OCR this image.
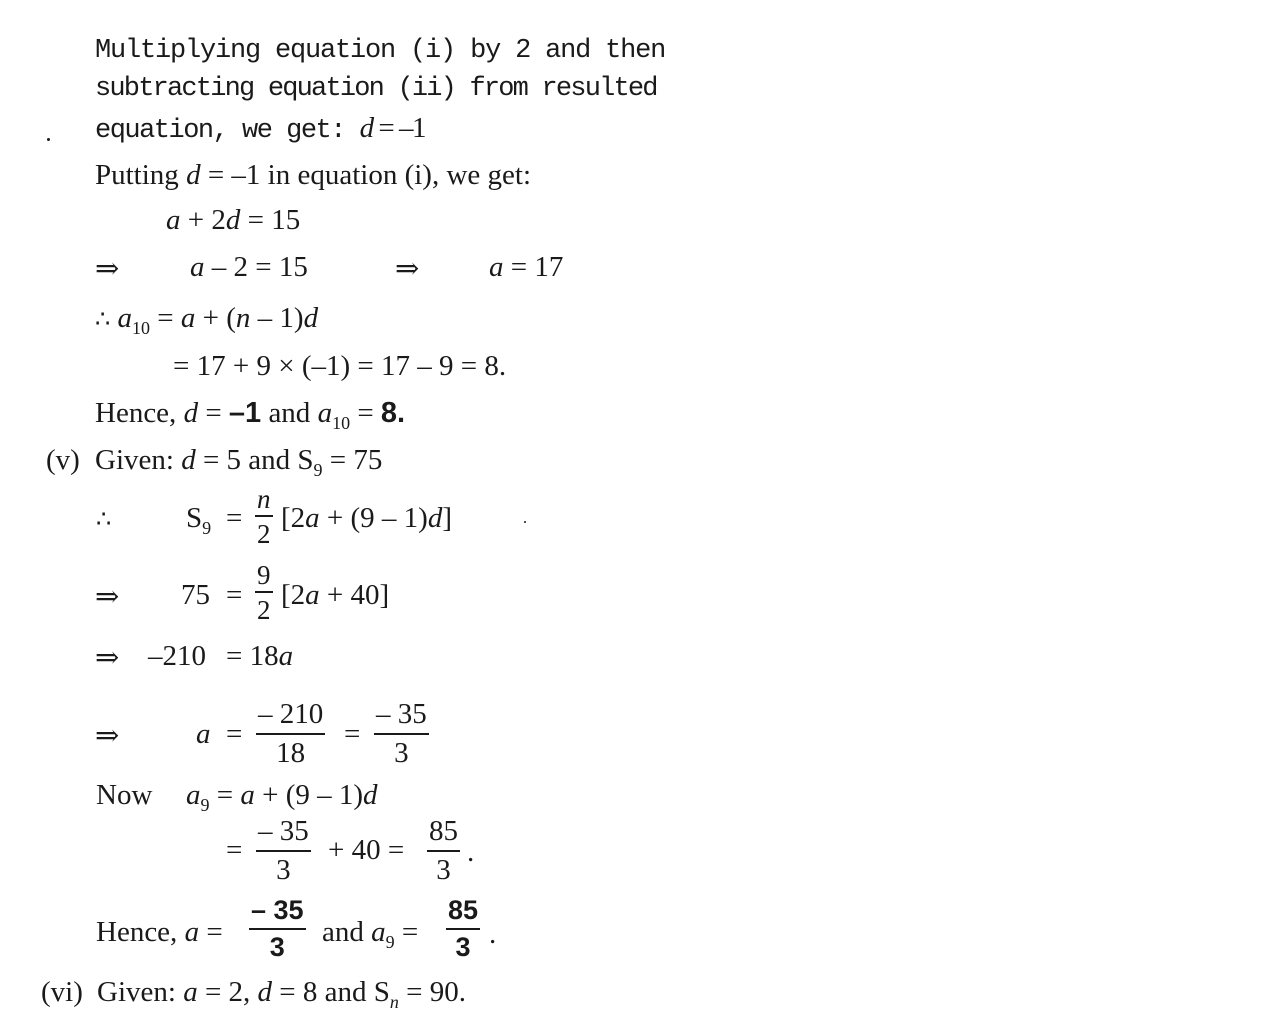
Multiplying equation (i) by 2 and then
subtracting equation (ii) from resulted
equation, we get: d = –1
Putting d = –1 in equation (i), we get:
a + 2d = 15
⇒ a – 2 = 15	⇒ a = 17
∴ $a_{10} = a + (n - 1)d$
= 17 + 9 × (–1) = 17 – 9 = 8.
Hence, d = –1 and $a_{10} = 8$.
(v) Given: d = 5 and $S_9 = 75$
∴	$S_9 = \frac{n}{2} [2a + (9 - 1)d]$
⇒ $75 = \frac{9}{2} [2a + 40]$
⇒ –210 = 18a
⇒	$a = \frac{- 210}{18} = \frac{- 35}{3}$
Now $a_9 = a + (9 - 1)d$
= $\frac{- 35}{3} + 40 = \frac{85}{3}$ .
Hence, $a = \frac{- 35}{3}$ and $a_9 = \frac{85}{3}$ .
(vi) Given: a = 2, d = 8 and $S_n = 90$.
